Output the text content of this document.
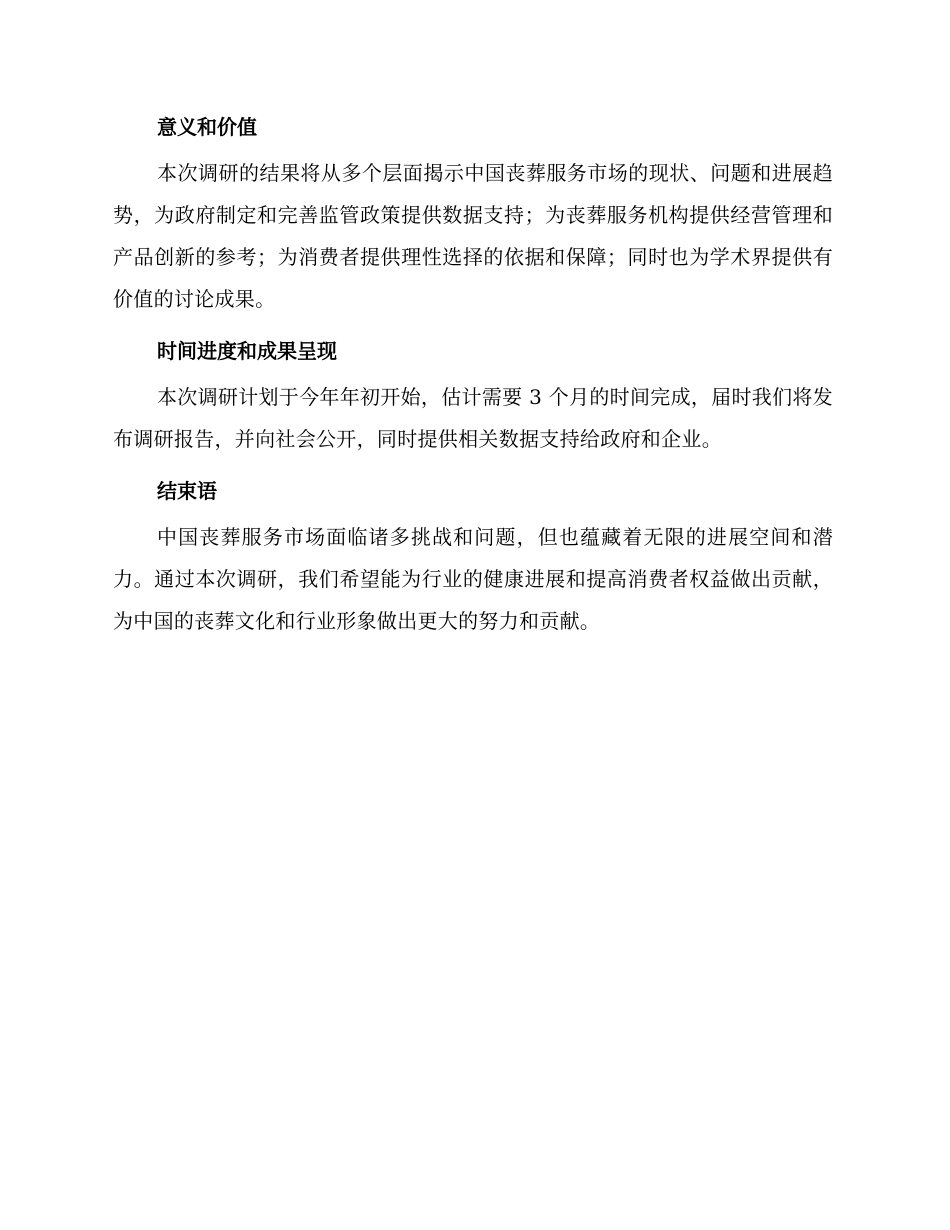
意义和价值

本次调研的结果将从多个层面揭示中国丧葬服务市场的现状、问题和进展趋势，为政府制定和完善监管政策提供数据支持；为丧葬服务机构提供经营管理和产品创新的参考；为消费者提供理性选择的依据和保障；同时也为学术界提供有价值的讨论成果。

时间进度和成果呈现

本次调研计划于今年年初开始，估计需要 3 个月的时间完成，届时我们将发布调研报告，并向社会公开，同时提供相关数据支持给政府和企业。

结束语

中国丧葬服务市场面临诸多挑战和问题，但也蕴藏着无限的进展空间和潜力。通过本次调研，我们希望能为行业的健康进展和提高消费者权益做出贡献，为中国的丧葬文化和行业形象做出更大的努力和贡献。
